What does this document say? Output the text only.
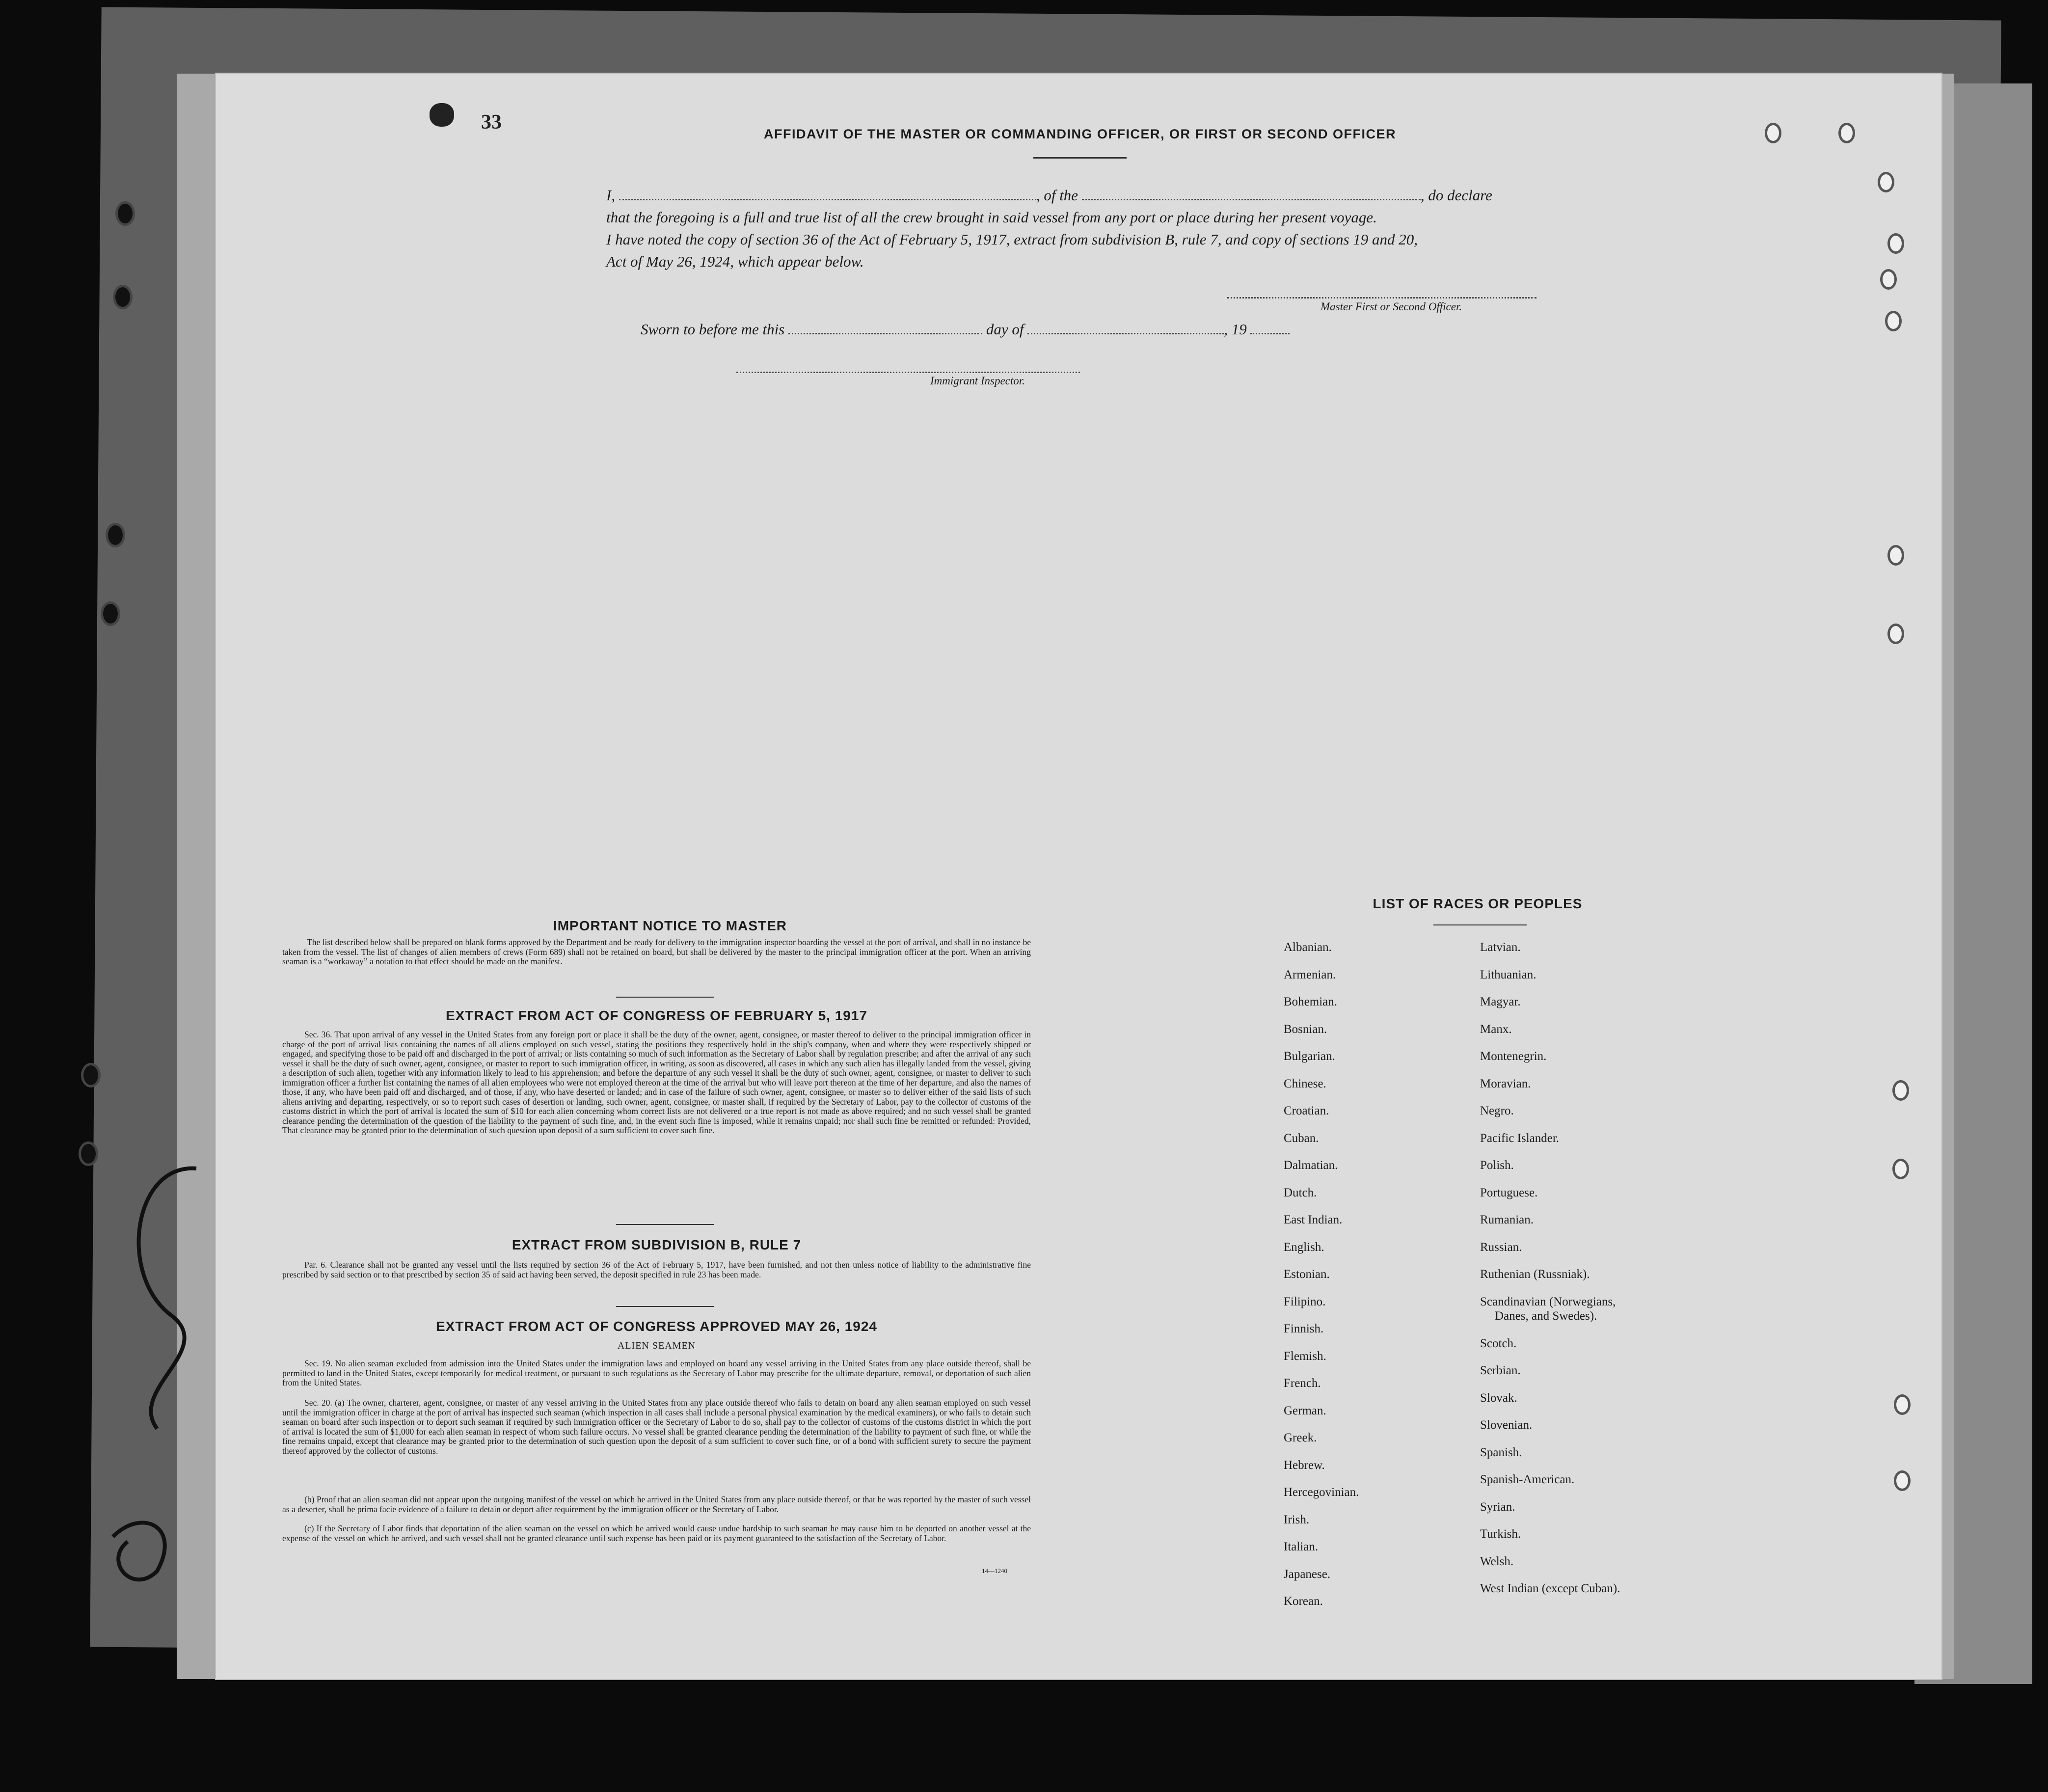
33
AFFIDAVIT OF THE MASTER OR COMMANDING OFFICER, OR FIRST OR SECOND OFFICER
I,	, of the	, do declare
that the foregoing is a full and true list of all the crew brought in said vessel from any port or place during her present voyage.
I have noted the copy of section 36 of the Act of February 5, 1917, extract from subdivision B, rule 7, and copy of sections 19 and 20,
Act of May 26, 1924, which appear below.
Master First or Second Officer.
Sworn to before me this	day of	, 19
Immigrant Inspector.
IMPORTANT NOTICE TO MASTER
The list described below shall be prepared on blank forms approved by the Department and be ready for delivery to the immigration inspector boarding the vessel at the port of arrival, and shall in no instance be taken from the vessel. The list of changes of alien members of crews (Form 689) shall not be retained on board, but shall be delivered by the master to the principal immigration officer at the port. When an arriving seaman is a “workaway” a notation to that effect should be made on the manifest.
EXTRACT FROM ACT OF CONGRESS OF FEBRUARY 5, 1917
Sec. 36. That upon arrival of any vessel in the United States from any foreign port or place it shall be the duty of the owner, agent, consignee, or master thereof to deliver to the principal immigration officer in charge of the port of arrival lists containing the names of all aliens employed on such vessel, stating the positions they respectively hold in the ship's company, when and where they were respectively shipped or engaged, and specifying those to be paid off and discharged in the port of arrival; or lists containing so much of such information as the Secretary of Labor shall by regulation prescribe; and after the arrival of any such vessel it shall be the duty of such owner, agent, consignee, or master to report to such immigration officer, in writing, as soon as discovered, all cases in which any such alien has illegally landed from the vessel, giving a description of such alien, together with any information likely to lead to his apprehension; and before the departure of any such vessel it shall be the duty of such owner, agent, consignee, or master to deliver to such immigration officer a further list containing the names of all alien employees who were not employed thereon at the time of the arrival but who will leave port thereon at the time of her departure, and also the names of those, if any, who have been paid off and discharged, and of those, if any, who have deserted or landed; and in case of the failure of such owner, agent, consignee, or master so to deliver either of the said lists of such aliens arriving and departing, respectively, or so to report such cases of desertion or landing, such owner, agent, consignee, or master shall, if required by the Secretary of Labor, pay to the collector of customs of the customs district in which the port of arrival is located the sum of $10 for each alien concerning whom correct lists are not delivered or a true report is not made as above required; and no such vessel shall be granted clearance pending the determination of the question of the liability to the payment of such fine, and, in the event such fine is imposed, while it remains unpaid; nor shall such fine be remitted or refunded: Provided, That clearance may be granted prior to the determination of such question upon deposit of a sum sufficient to cover such fine.
EXTRACT FROM SUBDIVISION B, RULE 7
Par. 6. Clearance shall not be granted any vessel until the lists required by section 36 of the Act of February 5, 1917, have been furnished, and not then unless notice of liability to the administrative fine prescribed by said section or to that prescribed by section 35 of said act having been served, the deposit specified in rule 23 has been made.
EXTRACT FROM ACT OF CONGRESS APPROVED MAY 26, 1924
ALIEN SEAMEN
Sec. 19. No alien seaman excluded from admission into the United States under the immigration laws and employed on board any vessel arriving in the United States from any place outside thereof, shall be permitted to land in the United States, except temporarily for medical treatment, or pursuant to such regulations as the Secretary of Labor may prescribe for the ultimate departure, removal, or deportation of such alien from the United States.
Sec. 20. (a) The owner, charterer, agent, consignee, or master of any vessel arriving in the United States from any place outside thereof who fails to detain on board any alien seaman employed on such vessel until the immigration officer in charge at the port of arrival has inspected such seaman (which inspection in all cases shall include a personal physical examination by the medical examiners), or who fails to detain such seaman on board after such inspection or to deport such seaman if required by such immigration officer or the Secretary of Labor to do so, shall pay to the collector of customs of the customs district in which the port of arrival is located the sum of $1,000 for each alien seaman in respect of whom such failure occurs. No vessel shall be granted clearance pending the determination of the liability to payment of such fine, or while the fine remains unpaid, except that clearance may be granted prior to the determination of such question upon the deposit of a sum sufficient to cover such fine, or of a bond with sufficient surety to secure the payment thereof approved by the collector of customs.
(b) Proof that an alien seaman did not appear upon the outgoing manifest of the vessel on which he arrived in the United States from any place outside thereof, or that he was reported by the master of such vessel as a deserter, shall be prima facie evidence of a failure to detain or deport after requirement by the immigration officer or the Secretary of Labor.
(c) If the Secretary of Labor finds that deportation of the alien seaman on the vessel on which he arrived would cause undue hardship to such seaman he may cause him to be deported on another vessel at the expense of the vessel on which he arrived, and such vessel shall not be granted clearance until such expense has been paid or its payment guaranteed to the satisfaction of the Secretary of Labor.
14—1240
LIST OF RACES OR PEOPLES
Albanian.
Armenian.
Bohemian.
Bosnian.
Bulgarian.
Chinese.
Croatian.
Cuban.
Dalmatian.
Dutch.
East Indian.
English.
Estonian.
Filipino.
Finnish.
Flemish.
French.
German.
Greek.
Hebrew.
Hercegovinian.
Irish.
Italian.
Japanese.
Korean.
Latvian.
Lithuanian.
Magyar.
Manx.
Montenegrin.
Moravian.
Negro.
Pacific Islander.
Polish.
Portuguese.
Rumanian.
Russian.
Ruthenian (Russniak).
Scandinavian (Norwegians,
Danes, and Swedes).
Scotch.
Serbian.
Slovak.
Slovenian.
Spanish.
Spanish-American.
Syrian.
Turkish.
Welsh.
West Indian (except Cuban).
